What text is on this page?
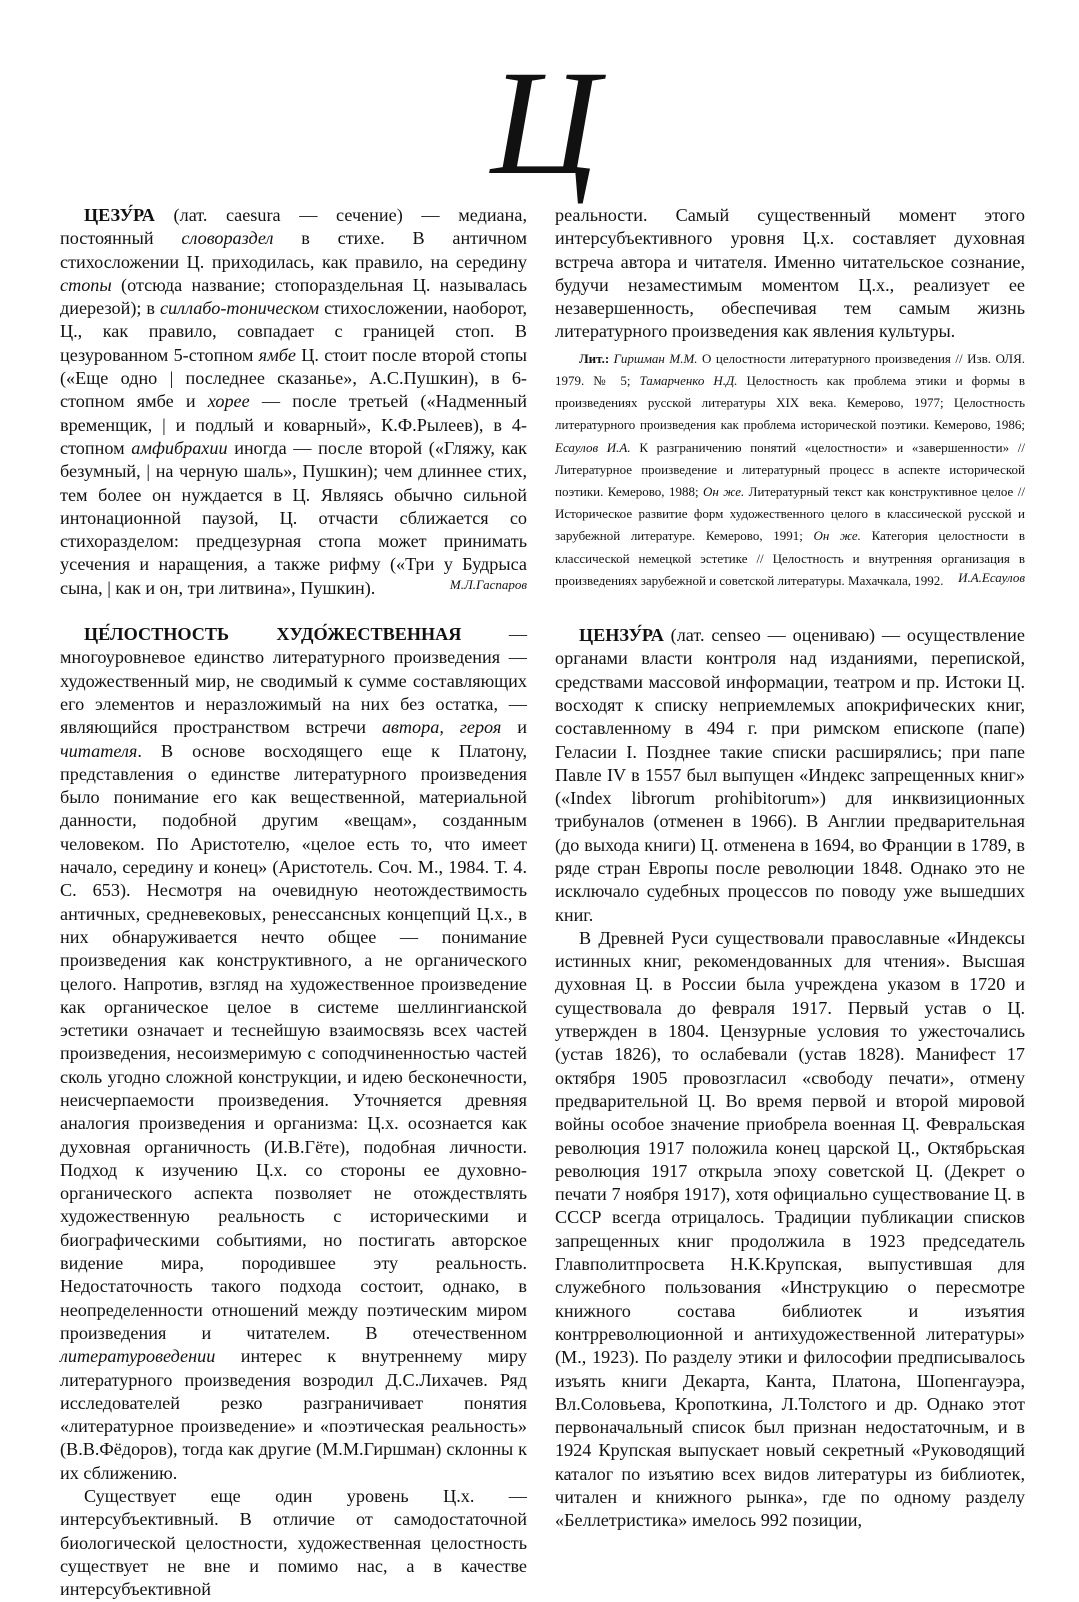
Ц

ЦЕЗУ́РА (лат. caesura — сечение) — медиана, постоянный словораздел в стихе. В античном стихосложении Ц. приходилась, как правило, на середину стопы (отсюда название; стопораздельная Ц. называлась диерезой); в силлабо-тоническом стихосложении, наоборот, Ц., как правило, совпадает с границей стоп. В цезурованном 5-стопном ямбе Ц. стоит после второй стопы («Еще одно | последнее сказанье», А.С.Пушкин), в 6-стопном ямбе и хорее — после третьей («Надменный временщик, | и подлый и коварный», К.Ф.Рылеев), в 4-стопном амфибрахии иногда — после второй («Гляжу, как безумный, | на черную шаль», Пушкин); чем длиннее стих, тем более он нуждается в Ц. Являясь обычно сильной интонационной паузой, Ц. отчасти сближается со стихоразделом: предцезурная стопа может принимать усечения и наращения, а также рифму («Три у Будрыса сына, | как и он, три литвина», Пушкин).	М.Л.Гаспаров

ЦЕ́ЛОСТНОСТЬ ХУДО́ЖЕСТВЕННАЯ — многоуровневое единство литературного произведения — художественный мир, не сводимый к сумме составляющих его элементов и неразложимый на них без остатка, — являющийся пространством встречи автора, героя и читателя. В основе восходящего еще к Платону, представления о единстве литературного произведения было понимание его как вещественной, материальной данности, подобной другим «вещам», созданным человеком. По Аристотелю, «целое есть то, что имеет начало, середину и конец» (Аристотель. Соч. М., 1984. Т. 4. С. 653). Несмотря на очевидную неотождествимость античных, средневековых, ренессансных концепций Ц.х., в них обнаруживается нечто общее — понимание произведения как конструктивного, а не органического целого. Напротив, взгляд на художественное произведение как органическое целое в системе шеллингианской эстетики означает и теснейшую взаимосвязь всех частей произведения, несоизмеримую с соподчиненностью частей сколь угодно сложной конструкции, и идею бесконечности, неисчерпаемости произведения. Уточняется древняя аналогия произведения и организма: Ц.х. осознается как духовная органичность (И.В.Гёте), подобная личности. Подход к изучению Ц.х. со стороны ее духовно-органического аспекта позволяет не отождествлять художественную реальность с историческими и биографическими событиями, но постигать авторское видение мира, породившее эту реальность. Недостаточность такого подхода состоит, однако, в неопределенности отношений между поэтическим миром произведения и читателем. В отечественном литературоведении интерес к внутреннему миру литературного произведения возродил Д.С.Лихачев. Ряд исследователей резко разграничивает понятия «литературное произведение» и «поэтическая реальность» (В.В.Фёдоров), тогда как другие (М.М.Гиршман) склонны к их сближению.

Существует еще один уровень Ц.х. — интерсубъективный. В отличие от самодостаточной биологической целостности, художественная целостность существует не вне и помимо нас, а в качестве интерсубъективной

реальности. Самый существенный момент этого интерсубъективного уровня Ц.х. составляет духовная встреча автора и читателя. Именно читательское сознание, будучи незаместимым моментом Ц.х., реализует ее незавершенность, обеспечивая тем самым жизнь литературного произведения как явления культуры.

Лит.: Гиршман М.М. О целостности литературного произведения // Изв. ОЛЯ. 1979. № 5; Тамарченко Н.Д. Целостность как проблема этики и формы в произведениях русской литературы XIX века. Кемерово, 1977; Целостность литературного произведения как проблема исторической поэтики. Кемерово, 1986; Есаулов И.А. К разграничению понятий «целостности» и «завершенности» // Литературное произведение и литературный процесс в аспекте исторической поэтики. Кемерово, 1988; Он же. Литературный текст как конструктивное целое // Историческое развитие форм художественного целого в классической русской и зарубежной литературе. Кемерово, 1991; Он же. Категория целостности в классической немецкой эстетике // Целостность и внутренняя организация в произведениях зарубежной и советской литературы. Махачкала, 1992.	И.А.Есаулов

ЦЕНЗУ́РА (лат. censeo — оцениваю) — осуществление органами власти контроля над изданиями, перепиской, средствами массовой информации, театром и пр. Истоки Ц. восходят к списку неприемлемых апокрифических книг, составленному в 494 г. при римском епископе (папе) Геласии I. Позднее такие списки расширялись; при папе Павле IV в 1557 был выпущен «Индекс запрещенных книг» («Index librorum prohibitorum») для инквизиционных трибуналов (отменен в 1966). В Англии предварительная (до выхода книги) Ц. отменена в 1694, во Франции в 1789, в ряде стран Европы после революции 1848. Однако это не исключало судебных процессов по поводу уже вышедших книг.

В Древней Руси существовали православные «Индексы истинных книг, рекомендованных для чтения». Высшая духовная Ц. в России была учреждена указом в 1720 и существовала до февраля 1917. Первый устав о Ц. утвержден в 1804. Цензурные условия то ужесточались (устав 1826), то ослабевали (устав 1828). Манифест 17 октября 1905 провозгласил «свободу печати», отмену предварительной Ц. Во время первой и второй мировой войны особое значение приобрела военная Ц. Февральская революция 1917 положила конец царской Ц., Октябрьская революция 1917 открыла эпоху советской Ц. (Декрет о печати 7 ноября 1917), хотя официально существование Ц. в СССР всегда отрицалось. Традиции публикации списков запрещенных книг продолжила в 1923 председатель Главполитпросвета Н.К.Крупская, выпустившая для служебного пользования «Инструкцию о пересмотре книжного состава библиотек и изъятия контрреволюционной и антихудожественной литературы» (М., 1923). По разделу этики и философии предписывалось изъять книги Декарта, Канта, Платона, Шопенгауэра, Вл.Соловьева, Кропоткина, Л.Толстого и др. Однако этот первоначальный список был признан недостаточным, и в 1924 Крупская выпускает новый секретный «Руководящий каталог по изъятию всех видов литературы из библиотек, читален и книжного рынка», где по одному разделу «Беллетристика» имелось 992 позиции,
